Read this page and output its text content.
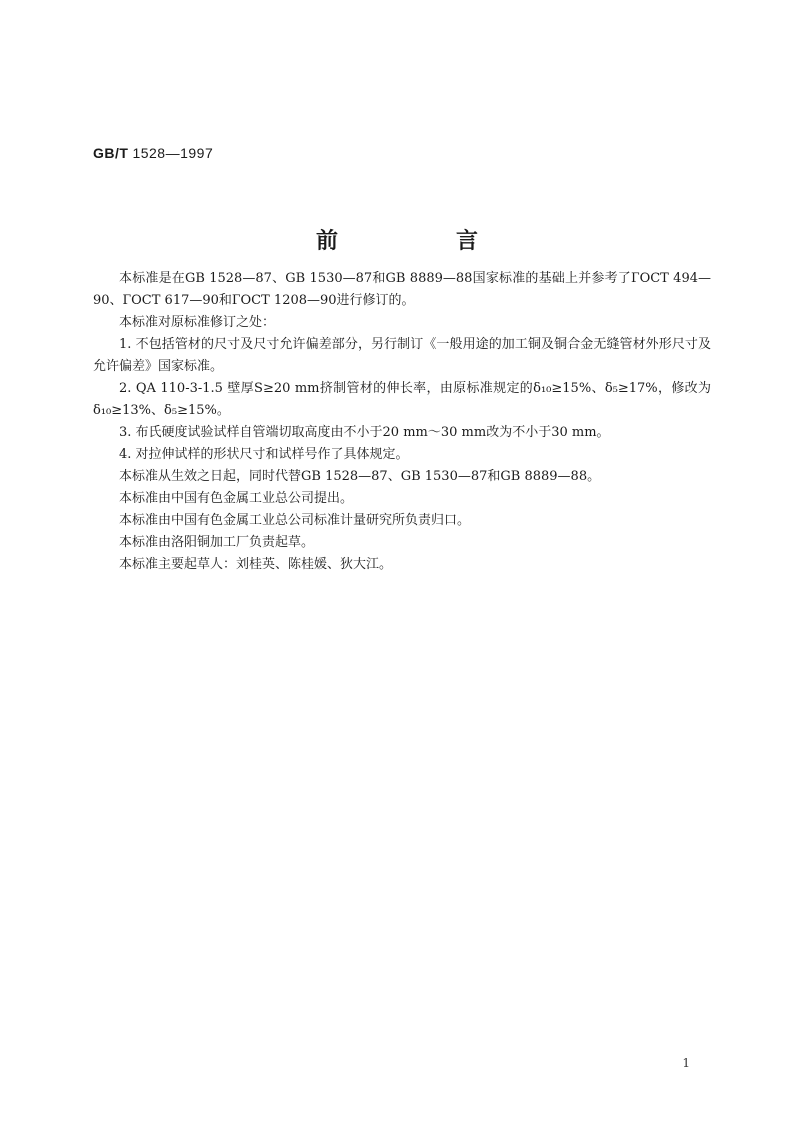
GB/T 1528—1997
前　言

本标准是在GB 1528—87、GB 1530—87和GB 8889—88国家标准的基础上并参考了ГОСТ 494—90、ГОСТ 617—90和ГОСТ 1208—90进行修订的。

本标准对原标准修订之处：

1. 不包括管材的尺寸及尺寸允许偏差部分，另行制订《一般用途的加工铜及铜合金无缝管材外形尺寸及允许偏差》国家标准。

2. QA 110-3-1.5 壁厚S≥20 mm挤制管材的伸长率，由原标准规定的δ₁₀≥15%、δ₅≥17%，修改为δ₁₀≥13%、δ₅≥15%。

3. 布氏硬度试验试样自管端切取高度由不小于20 mm～30 mm改为不小于30 mm。

4. 对拉伸试样的形状尺寸和试样号作了具体规定。

本标准从生效之日起，同时代替GB 1528—87、GB 1530—87和GB 8889—88。

本标准由中国有色金属工业总公司提出。

本标准由中国有色金属工业总公司标准计量研究所负责归口。

本标准由洛阳铜加工厂负责起草。

本标准主要起草人：刘桂英、陈桂媛、狄大江。

1
